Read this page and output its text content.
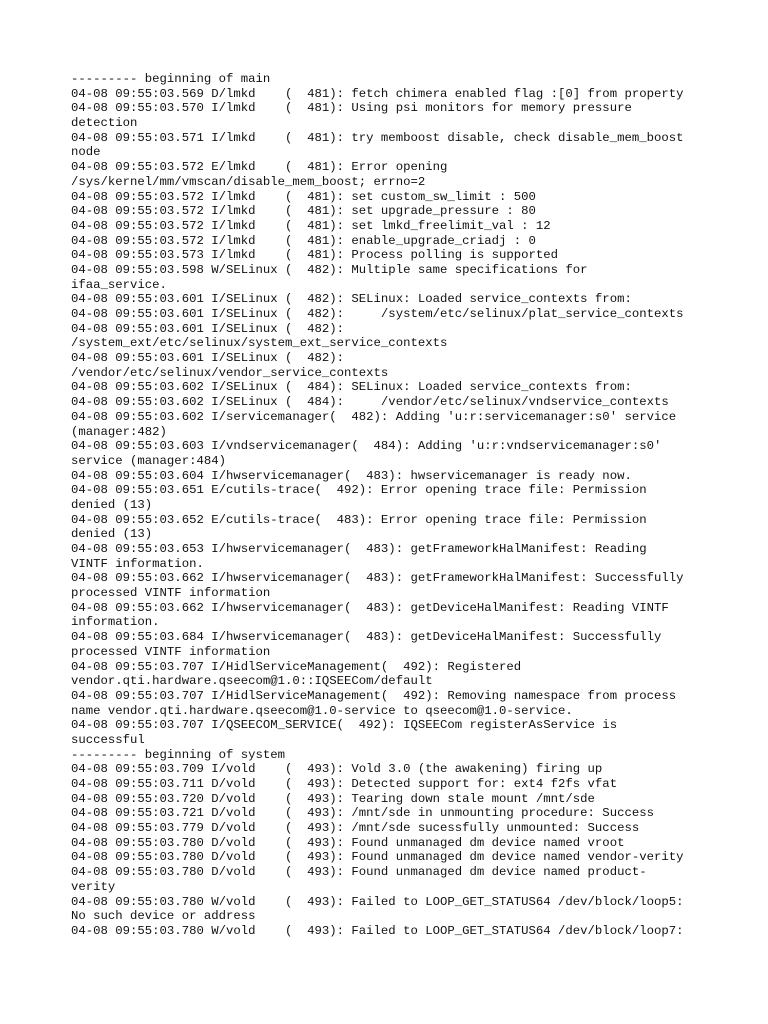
--------- beginning of main
04-08 09:55:03.569 D/lmkd    (  481): fetch chimera enabled flag :[0] from property
04-08 09:55:03.570 I/lmkd    (  481): Using psi monitors for memory pressure
detection
04-08 09:55:03.571 I/lmkd    (  481): try memboost disable, check disable_mem_boost
node
04-08 09:55:03.572 E/lmkd    (  481): Error opening
/sys/kernel/mm/vmscan/disable_mem_boost; errno=2
04-08 09:55:03.572 I/lmkd    (  481): set custom_sw_limit : 500
04-08 09:55:03.572 I/lmkd    (  481): set upgrade_pressure : 80
04-08 09:55:03.572 I/lmkd    (  481): set lmkd_freelimit_val : 12
04-08 09:55:03.572 I/lmkd    (  481): enable_upgrade_criadj : 0
04-08 09:55:03.573 I/lmkd    (  481): Process polling is supported
04-08 09:55:03.598 W/SELinux (  482): Multiple same specifications for
ifaa_service.
04-08 09:55:03.601 I/SELinux (  482): SELinux: Loaded service_contexts from:
04-08 09:55:03.601 I/SELinux (  482):     /system/etc/selinux/plat_service_contexts
04-08 09:55:03.601 I/SELinux (  482):
/system_ext/etc/selinux/system_ext_service_contexts
04-08 09:55:03.601 I/SELinux (  482):
/vendor/etc/selinux/vendor_service_contexts
04-08 09:55:03.602 I/SELinux (  484): SELinux: Loaded service_contexts from:
04-08 09:55:03.602 I/SELinux (  484):     /vendor/etc/selinux/vndservice_contexts
04-08 09:55:03.602 I/servicemanager(  482): Adding 'u:r:servicemanager:s0' service
(manager:482)
04-08 09:55:03.603 I/vndservicemanager(  484): Adding 'u:r:vndservicemanager:s0'
service (manager:484)
04-08 09:55:03.604 I/hwservicemanager(  483): hwservicemanager is ready now.
04-08 09:55:03.651 E/cutils-trace(  492): Error opening trace file: Permission
denied (13)
04-08 09:55:03.652 E/cutils-trace(  483): Error opening trace file: Permission
denied (13)
04-08 09:55:03.653 I/hwservicemanager(  483): getFrameworkHalManifest: Reading
VINTF information.
04-08 09:55:03.662 I/hwservicemanager(  483): getFrameworkHalManifest: Successfully
processed VINTF information
04-08 09:55:03.662 I/hwservicemanager(  483): getDeviceHalManifest: Reading VINTF
information.
04-08 09:55:03.684 I/hwservicemanager(  483): getDeviceHalManifest: Successfully
processed VINTF information
04-08 09:55:03.707 I/HidlServiceManagement(  492): Registered
vendor.qti.hardware.qseecom@1.0::IQSEECom/default
04-08 09:55:03.707 I/HidlServiceManagement(  492): Removing namespace from process
name vendor.qti.hardware.qseecom@1.0-service to qseecom@1.0-service.
04-08 09:55:03.707 I/QSEECOM_SERVICE(  492): IQSEECom registerAsService is
successful
--------- beginning of system
04-08 09:55:03.709 I/vold    (  493): Vold 3.0 (the awakening) firing up
04-08 09:55:03.711 D/vold    (  493): Detected support for: ext4 f2fs vfat
04-08 09:55:03.720 D/vold    (  493): Tearing down stale mount /mnt/sde
04-08 09:55:03.721 D/vold    (  493): /mnt/sde in unmounting procedure: Success
04-08 09:55:03.779 D/vold    (  493): /mnt/sde sucessfully unmounted: Success
04-08 09:55:03.780 D/vold    (  493): Found unmanaged dm device named vroot
04-08 09:55:03.780 D/vold    (  493): Found unmanaged dm device named vendor-verity
04-08 09:55:03.780 D/vold    (  493): Found unmanaged dm device named product-
verity
04-08 09:55:03.780 W/vold    (  493): Failed to LOOP_GET_STATUS64 /dev/block/loop5:
No such device or address
04-08 09:55:03.780 W/vold    (  493): Failed to LOOP_GET_STATUS64 /dev/block/loop7:
